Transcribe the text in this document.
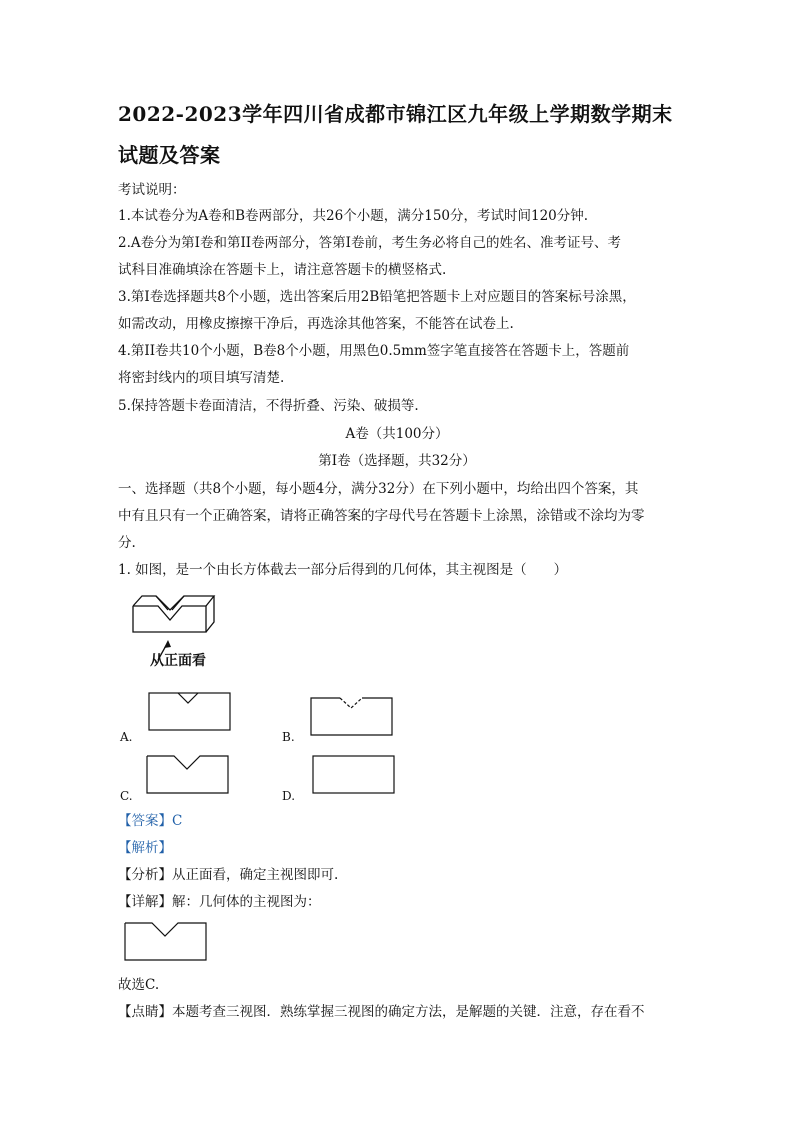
2022-2023学年四川省成都市锦江区九年级上学期数学期末
试题及答案
考试说明：
1.本试卷分为A卷和B卷两部分，共26个小题，满分150分，考试时间120分钟.
2.A卷分为第I卷和第II卷两部分，答第I卷前，考生务必将自己的姓名、准考证号、考
试科目准确填涂在答题卡上，请注意答题卡的横竖格式.
3.第I卷选择题共8个小题，选出答案后用2B铅笔把答题卡上对应题目的答案标号涂黑，
如需改动，用橡皮擦擦干净后，再选涂其他答案，不能答在试卷上.
4.第II卷共10个小题，B卷8个小题，用黑色0.5mm签字笔直接答在答题卡上，答题前
将密封线内的项目填写清楚.
5.保持答题卡卷面清洁，不得折叠、污染、破损等.
A卷（共100分）
第I卷（选择题，共32分）
一、选择题（共8个小题，每小题4分，满分32分）在下列小题中，均给出四个答案，其
中有且只有一个正确答案，请将正确答案的字母代号在答题卡上涂黑，涂错或不涂均为零
分.
1. 如图，是一个由长方体截去一部分后得到的几何体，其主视图是（　　）
从正面看
A.	B.
C.	D.
【答案】C
【解析】
【分析】从正面看，确定主视图即可.
【详解】解：几何体的主视图为：
故选C.
【点睛】本题考查三视图．熟练掌握三视图的确定方法，是解题的关键．注意，存在看不
